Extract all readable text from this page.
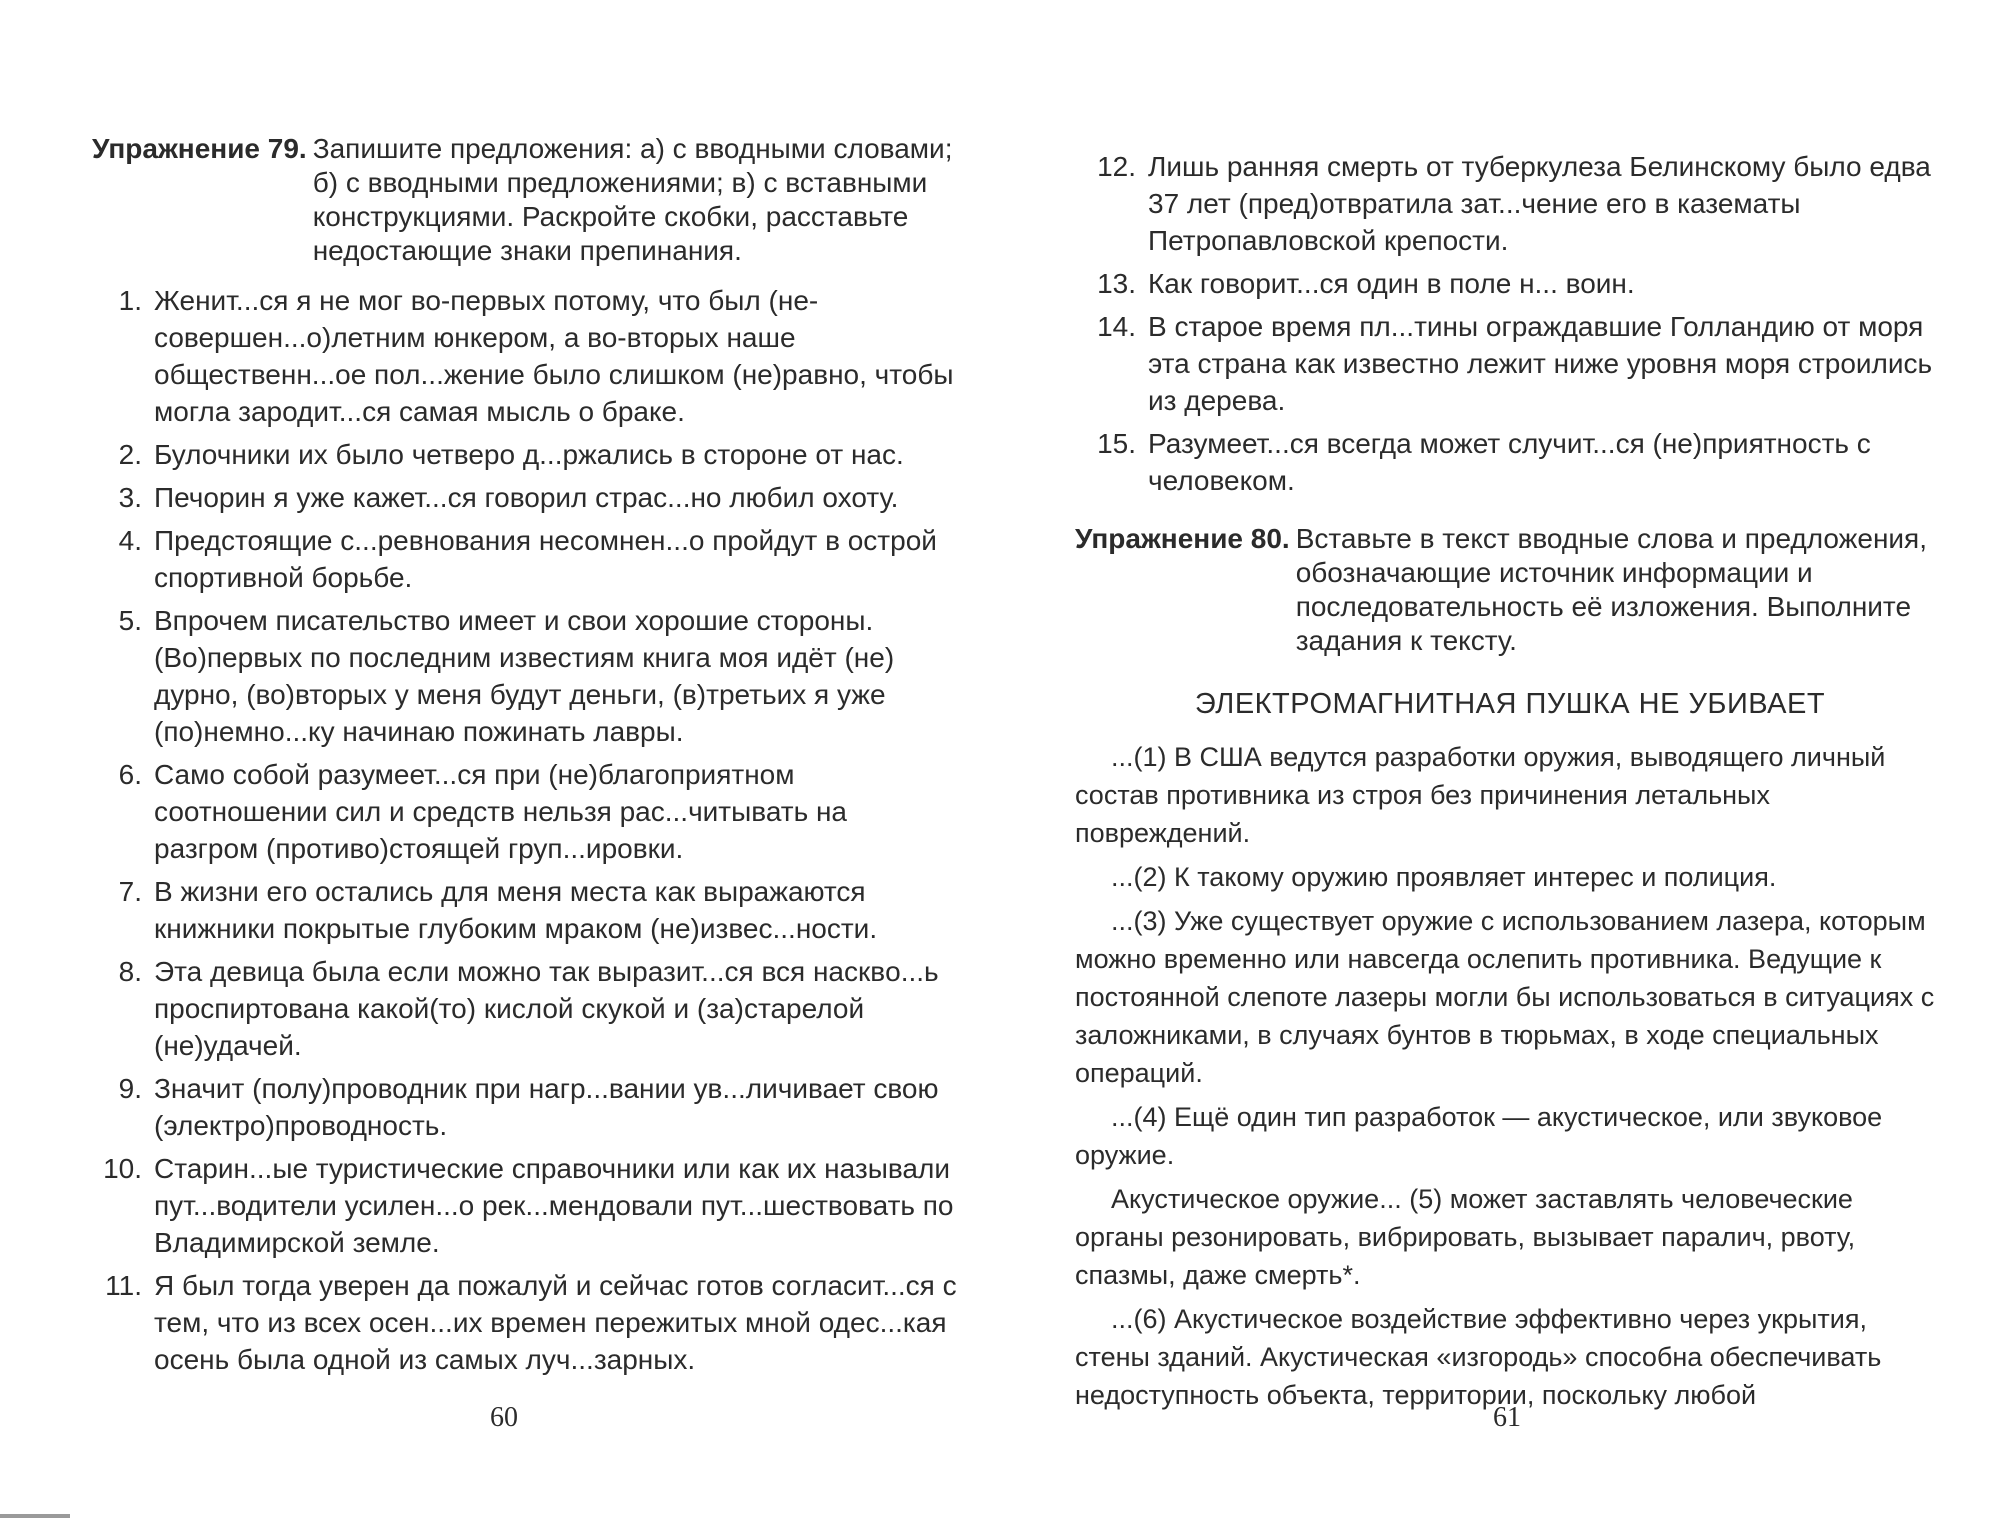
Упражнение 79. Запишите предложения: а) с вводными словами; б) с вводными предложениями; в) с вставными конструкциями. Раскройте скобки, расставьте недостающие знаки препинания.
1. Женит...ся я не мог во-первых потому, что был (не-совершен...о)летним юнкером, а во-вторых наше общественн...ое пол...жение было слишком (не)равно, чтобы могла зародит...ся самая мысль о браке.
2. Булочники их было четверо д...ржались в стороне от нас.
3. Печорин я уже кажет...ся говорил страс...но любил охоту.
4. Предстоящие с...ревнования несомнен...о пройдут в острой спортивной борьбе.
5. Впрочем писательство имеет и свои хорошие стороны. (Во)первых по последним известиям книга моя идёт (не) дурно, (во)вторых у меня будут деньги, (в)третьих я уже (по)немно...ку начинаю пожинать лавры.
6. Само собой разумеет...ся при (не)благоприятном соотношении сил и средств нельзя рас...читывать на разгром (противо)стоящей груп...ировки.
7. В жизни его остались для меня места как выражаются книжники покрытые глубоким мраком (не)извес...ности.
8. Эта девица была если можно так выразит...ся вся насквo...ь проспиртована какой(то) кислой скукой и (за)старелой (не)удачей.
9. Значит (полу)проводник при нагр...вании ув...личивает свою (электро)проводность.
10. Старин...ые туристические справочники или как их называли пут...водители усилен...о рек...мендовали пут...шествовать по Владимирской земле.
11. Я был тогда уверен да пожалуй и сейчас готов согласит...ся с тем, что из всех осен...их времен пережитых мной одес...кая осень была одной из самых луч...зарных.
60
12. Лишь ранняя смерть от туберкулеза Белинскому было едва 37 лет (пред)отвратила зат...чение его в казематы Петропавловской крепости.
13. Как говорит...ся один в поле н... воин.
14. В старое время пл...тины ограждавшие Голландию от моря эта страна как известно лежит ниже уровня моря строились из дерева.
15. Разумеет...ся всегда может случит...ся (не)приятность с человеком.
Упражнение 80. Вставьте в текст вводные слова и предложения, обозначающие источник информации и последовательность её изложения. Выполните задания к тексту.
ЭЛЕКТРОМАГНИТНАЯ ПУШКА НЕ УБИВАЕТ

...(1) В США ведутся разработки оружия, выводящего личный состав противника из строя без причинения летальных повреждений.

...(2) К такому оружию проявляет интерес и полиция.

...(3) Уже существует оружие с использованием лазера, которым можно временно или навсегда ослепить противника. Ведущие к постоянной слепоте лазеры могли бы использоваться в ситуациях с заложниками, в случаях бунтов в тюрьмах, в ходе специальных операций.

...(4) Ещё один тип разработок — акустическое, или звуковое оружие.

Акустическое оружие... (5) может заставлять человеческие органы резонировать, вибрировать, вызывает паралич, рвоту, спазмы, даже смерть*.

...(6) Акустическое воздействие эффективно через укрытия, стены зданий. Акустическая «изгородь» способна обеспечивать недоступность объекта, территории, поскольку любой

61
